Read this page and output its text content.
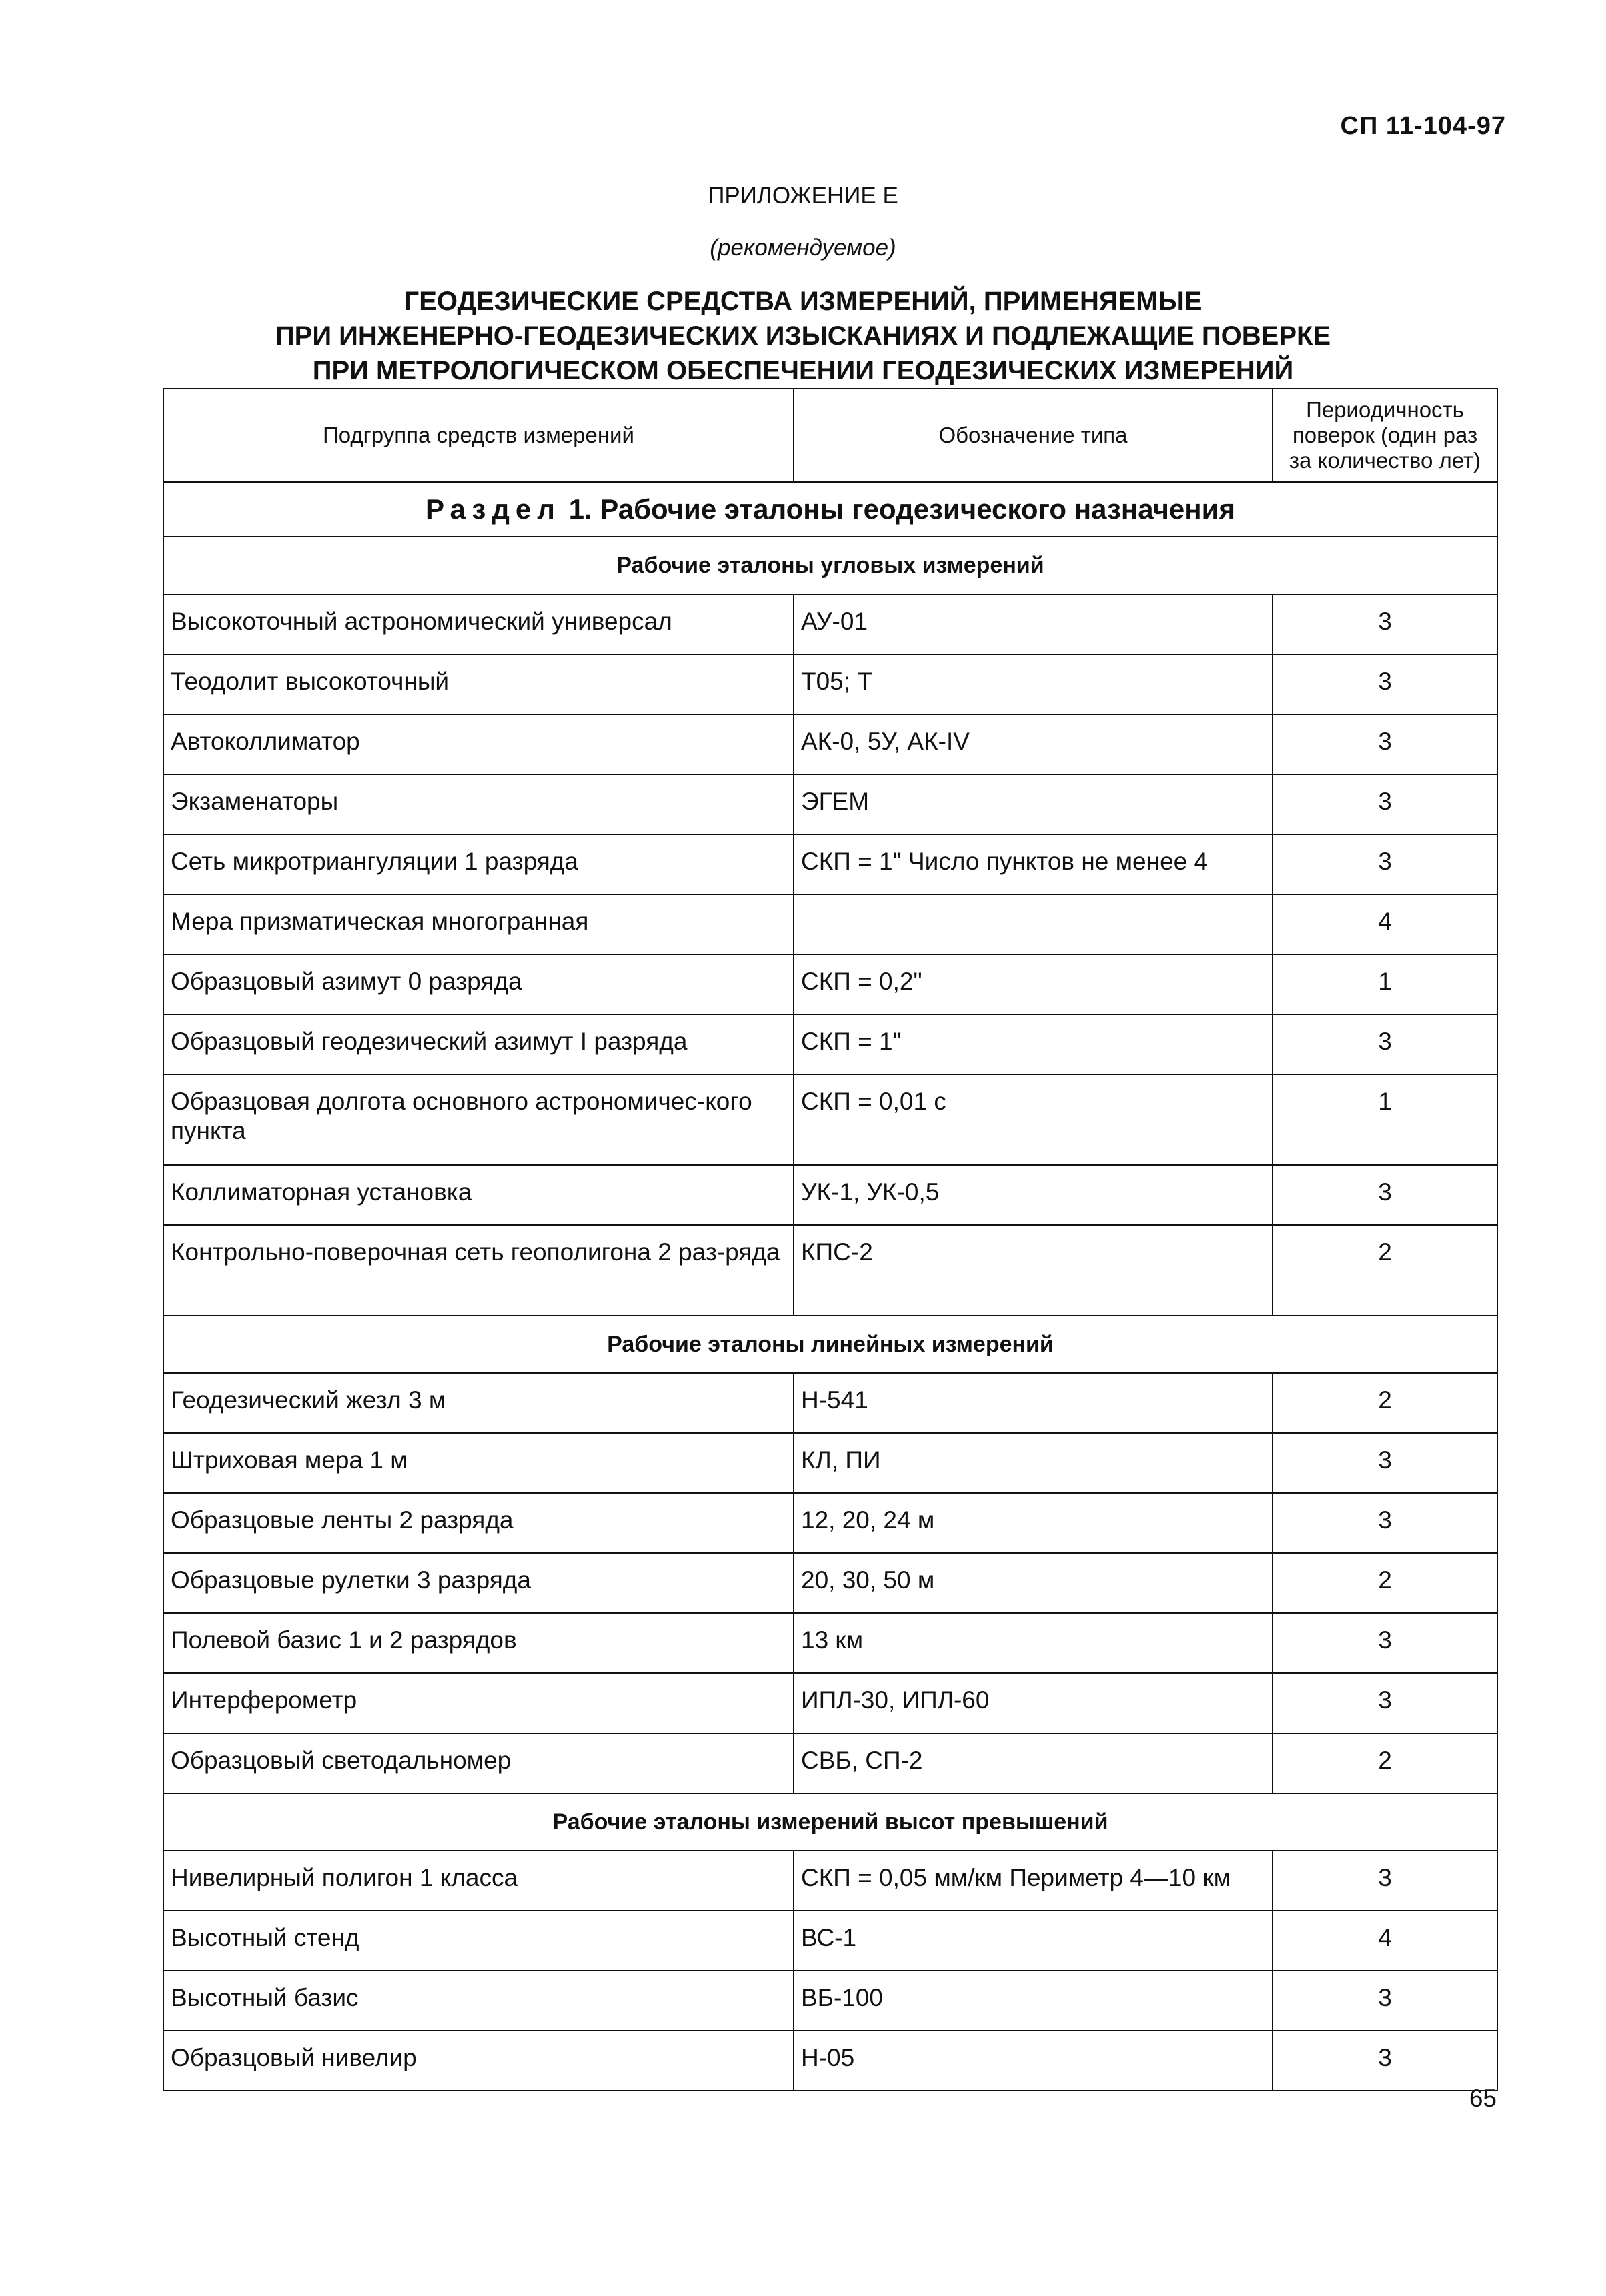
СП 11-104-97
ПРИЛОЖЕНИЕ Е
(рекомендуемое)
ГЕОДЕЗИЧЕСКИЕ СРЕДСТВА ИЗМЕРЕНИЙ, ПРИМЕНЯЕМЫЕ
ПРИ ИНЖЕНЕРНО-ГЕОДЕЗИЧЕСКИХ ИЗЫСКАНИЯХ И ПОДЛЕЖАЩИЕ ПОВЕРКЕ
ПРИ МЕТРОЛОГИЧЕСКОМ ОБЕСПЕЧЕНИИ ГЕОДЕЗИЧЕСКИХ ИЗМЕРЕНИЙ
Подгруппа средств измерений	Обозначение типа	Периодичность поверок (один раз за количество лет)
Раздел 1. Рабочие эталоны геодезического назначения		
Рабочие эталоны угловых измерений		
Высокоточный астрономический универсал	АУ-01	3
Теодолит высокоточный	Т05; Т	3
Автоколлиматор	АК-0, 5У, АК-IV	3
Экзаменаторы	ЭГЕМ	3
Сеть микротриангуляции 1 разряда	СКП = 1" Число пунктов не менее 4	3
Мера призматическая многогранная		4
Образцовый азимут 0 разряда	СКП = 0,2"	1
Образцовый геодезический азимут I разряда	СКП = 1"	3
Образцовая долгота основного астрономичес-кого пункта	СКП = 0,01 с	1
Коллиматорная установка	УК-1, УК-0,5	3
Контрольно-поверочная сеть геополигона 2 раз-ряда	КПС-2	2
Рабочие эталоны линейных измерений		
Геодезический жезл 3 м	Н-541	2
Штриховая мера 1 м	КЛ, ПИ	3
Образцовые ленты 2 разряда	12, 20, 24 м	3
Образцовые рулетки 3 разряда	20, 30, 50 м	2
Полевой базис 1 и 2 разрядов	13 км	3
Интерферометр	ИПЛ-30, ИПЛ-60	3
Образцовый светодальномер	СВБ, СП-2	2
Рабочие эталоны измерений высот превышений		
Нивелирный полигон 1 класса	СКП = 0,05 мм/км Периметр 4—10 км	3
Высотный стенд	ВС-1	4
Высотный базис	ВБ-100	3
Образцовый нивелир	Н-05	3
65
